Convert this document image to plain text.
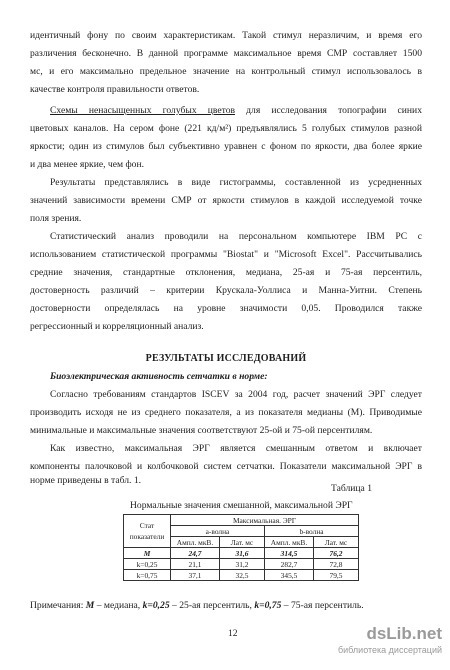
идентичный фону по своим характеристикам. Такой стимул неразличим, и время его
различения бесконечно. В данной программе максимальное время СМР составляет 1500
мс, и его максимально предельное значение на контрольный стимул использовалось в
качестве контроля правильности ответов.
Схемы ненасыщенных голубых цветов для исследования топографии синих
цветовых каналов. На сером фоне (221 кд/м²) предъявлялись 5 голубых стимулов разной
яркости; один из стимулов был субъективно уравнен с фоном по яркости, два более яркие
и два менее яркие, чем фон.
Результаты представлялись в виде гистограммы, составленной из усредненных
значений зависимости времени СМР от яркости стимулов в каждой исследуемой точке
поля зрения.
Статистический анализ проводили на персональном компьютере IBM PC с
использованием статистической программы "Biostat" и "Microsoft Excel". Рассчитывались
средние значения, стандартные отклонения, медиана, 25-ая и 75-ая персентиль,
достоверность различий – критерии Крускала-Уоллиса и Манна-Уитни. Степень
достоверности определялась на уровне значимости 0,05. Проводился также
регрессионный и корреляционный анализ.
РЕЗУЛЬТАТЫ ИССЛЕДОВАНИЙ
Биоэлектрическая активность сетчатки в норме:
Согласно требованиям стандартов ISCEV за 2004 год, расчет значений ЭРГ следует
производить исходя не из среднего показателя, а из показателя медианы (М). Приводимые
минимальные и максимальные значения соответствуют 25-ой и 75-ой персентилям.
Как известно, максимальная ЭРГ является смешанным ответом и включает
компоненты палочковой и колбочковой систем сетчатки. Показатели максимальной ЭРГ в
норме приведены в табл. 1.
Таблица 1
Нормальные значения смешанной, максимальной ЭРГ
Стат показатели	Максимальная. ЭРГ			
	а-волна		b-волна	
	Ампл. мкВ.	Лат. мс	Ампл. мкВ.	Лат. мс
M	24,7	31,6	314,5	76,2
k=0,25	21,1	31,2	282,7	72,8
k=0,75	37,1	32,5	345,5	79,5
Примечания: М – медиана, k=0,25 – 25-ая персентиль, k=0,75 – 75-ая персентиль.
12	dsLib.net
библиотека диссертаций
